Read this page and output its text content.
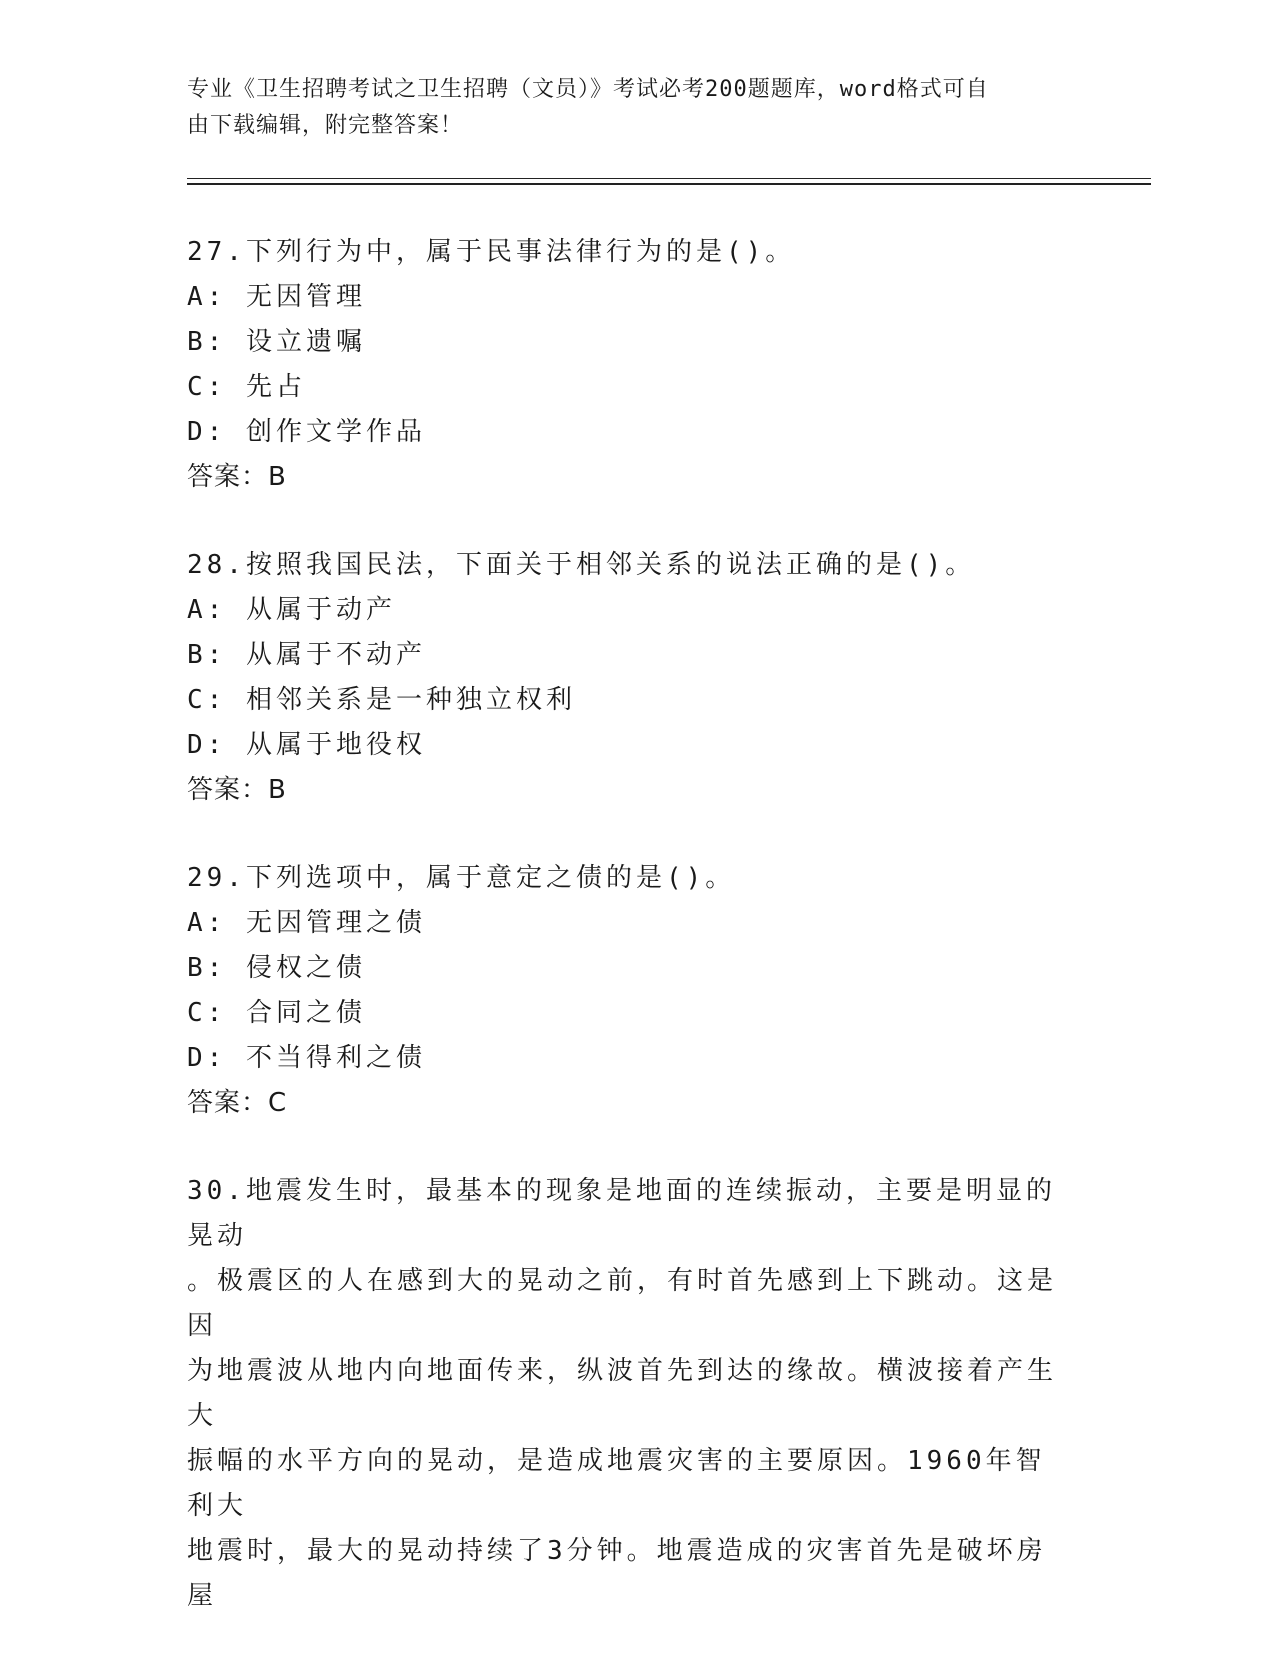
专业《卫生招聘考试之卫生招聘（文员）》考试必考200题题库，word格式可自
由下载编辑，附完整答案！
27.下列行为中，属于民事法律行为的是()。
A: 无因管理
B: 设立遗嘱
C: 先占
D: 创作文学作品
答案：B
28.按照我国民法，下面关于相邻关系的说法正确的是()。
A: 从属于动产
B: 从属于不动产
C: 相邻关系是一种独立权利
D: 从属于地役权
答案：B
29.下列选项中，属于意定之债的是()。
A: 无因管理之债
B: 侵权之债
C: 合同之债
D: 不当得利之债
答案：C
30.地震发生时，最基本的现象是地面的连续振动，主要是明显的晃动
。极震区的人在感到大的晃动之前，有时首先感到上下跳动。这是因
为地震波从地内向地面传来，纵波首先到达的缘故。横波接着产生大
振幅的水平方向的晃动，是造成地震灾害的主要原因。1960年智利大
地震时，最大的晃动持续了3分钟。地震造成的灾害首先是破坏房屋
